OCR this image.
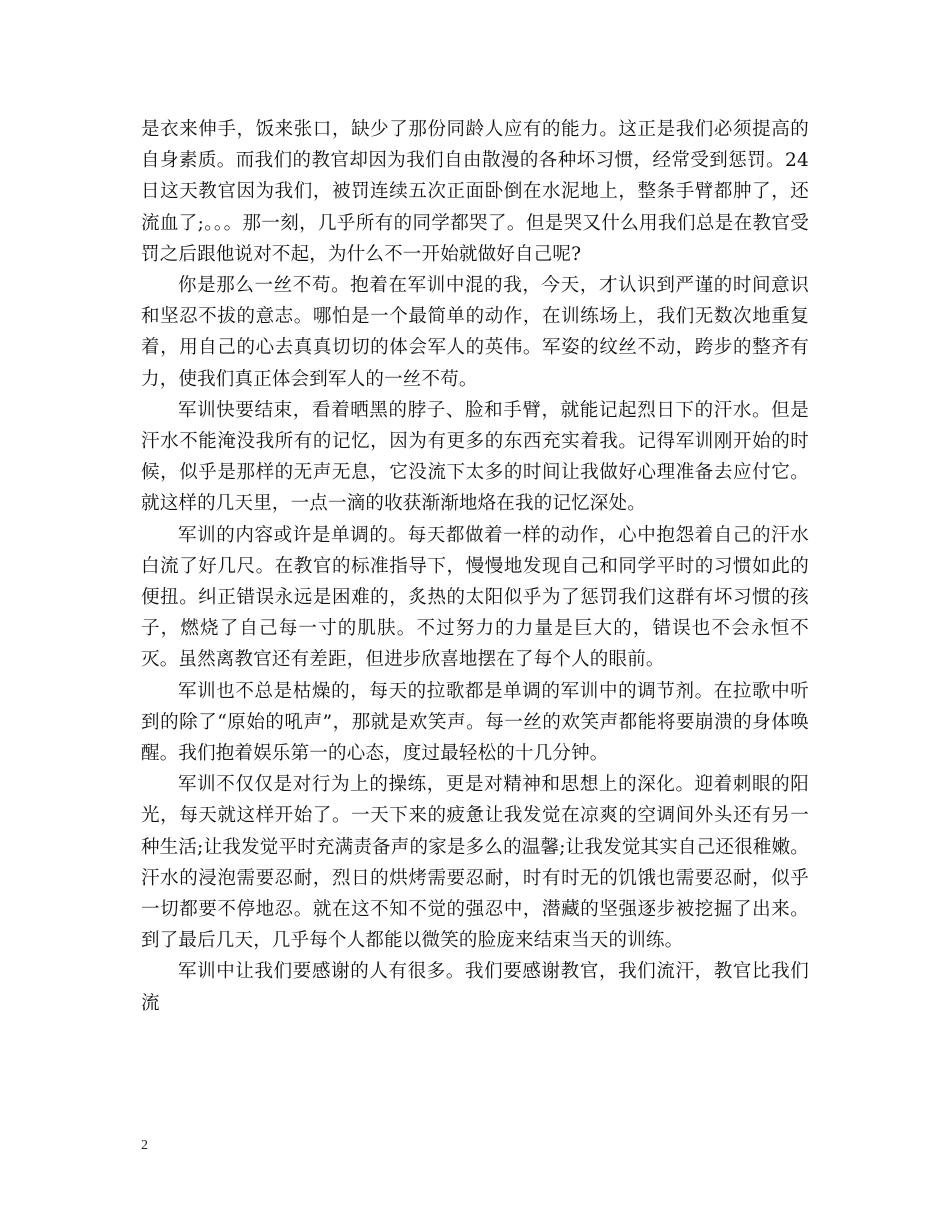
是衣来伸手，饭来张口，缺少了那份同龄人应有的能力。这正是我们必须提高的自身素质。而我们的教官却因为我们自由散漫的各种坏习惯，经常受到惩罚。24日这天教官因为我们，被罚连续五次正面卧倒在水泥地上，整条手臂都肿了，还流血了;。。。那一刻，几乎所有的同学都哭了。但是哭又什么用我们总是在教官受罚之后跟他说对不起，为什么不一开始就做好自己呢?

你是那么一丝不苟。抱着在军训中混的我，今天，才认识到严谨的时间意识和坚忍不拔的意志。哪怕是一个最简单的动作，在训练场上，我们无数次地重复着，用自己的心去真真切切的体会军人的英伟。军姿的纹丝不动，跨步的整齐有力，使我们真正体会到军人的一丝不苟。

军训快要结束，看着晒黑的脖子、脸和手臂，就能记起烈日下的汗水。但是汗水不能淹没我所有的记忆，因为有更多的东西充实着我。记得军训刚开始的时候，似乎是那样的无声无息，它没流下太多的时间让我做好心理准备去应付它。就这样的几天里，一点一滴的收获渐渐地烙在我的记忆深处。

军训的内容或许是单调的。每天都做着一样的动作，心中抱怨着自己的汗水白流了好几尺。在教官的标准指导下，慢慢地发现自己和同学平时的习惯如此的便扭。纠正错误永远是困难的，炙热的太阳似乎为了惩罚我们这群有坏习惯的孩子，燃烧了自己每一寸的肌肤。不过努力的力量是巨大的，错误也不会永恒不灭。虽然离教官还有差距，但进步欣喜地摆在了每个人的眼前。

军训也不总是枯燥的，每天的拉歌都是单调的军训中的调节剂。在拉歌中听到的除了“原始的吼声”，那就是欢笑声。每一丝的欢笑声都能将要崩溃的身体唤醒。我们抱着娱乐第一的心态，度过最轻松的十几分钟。

军训不仅仅是对行为上的操练，更是对精神和思想上的深化。迎着刺眼的阳光，每天就这样开始了。一天下来的疲惫让我发觉在凉爽的空调间外头还有另一种生活;让我发觉平时充满责备声的家是多么的温馨;让我发觉其实自己还很稚嫩。汗水的浸泡需要忍耐，烈日的烘烤需要忍耐，时有时无的饥饿也需要忍耐，似乎一切都要不停地忍。就在这不知不觉的强忍中，潜藏的坚强逐步被挖掘了出来。到了最后几天，几乎每个人都能以微笑的脸庞来结束当天的训练。

军训中让我们要感谢的人有很多。我们要感谢教官，我们流汗，教官比我们流

2
